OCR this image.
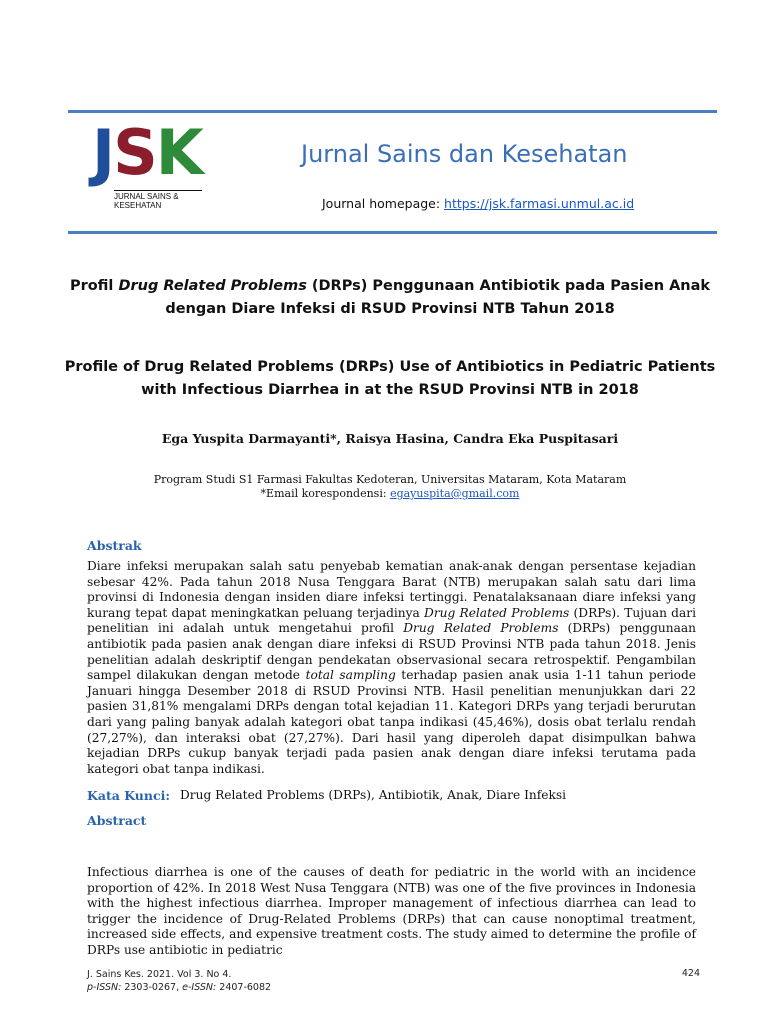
JSK
JURNAL SAINS &
KESEHATAN
Jurnal Sains dan Kesehatan
Journal homepage: https://jsk.farmasi.unmul.ac.id
Profil Drug Related Problems (DRPs) Penggunaan Antibiotik pada Pasien Anak dengan Diare Infeksi di RSUD Provinsi NTB Tahun 2018
Profile of Drug Related Problems (DRPs) Use of Antibiotics in Pediatric Patients with Infectious Diarrhea in at the RSUD Provinsi NTB in 2018
Ega Yuspita Darmayanti*, Raisya Hasina, Candra Eka Puspitasari
Program Studi S1 Farmasi Fakultas Kedoteran, Universitas Mataram, Kota Mataram
*Email korespondensi: egayuspita@gmail.com
Abstrak
Diare infeksi merupakan salah satu penyebab kematian anak-anak dengan persentase kejadian sebesar 42%. Pada tahun 2018 Nusa Tenggara Barat (NTB) merupakan salah satu dari lima provinsi di Indonesia dengan insiden diare infeksi tertinggi. Penatalaksanaan diare infeksi yang kurang tepat dapat meningkatkan peluang terjadinya Drug Related Problems (DRPs). Tujuan dari penelitian ini adalah untuk mengetahui profil Drug Related Problems (DRPs) penggunaan antibiotik pada pasien anak dengan diare infeksi di RSUD Provinsi NTB pada tahun 2018. Jenis penelitian adalah deskriptif dengan pendekatan observasional secara retrospektif. Pengambilan sampel dilakukan dengan metode total sampling terhadap pasien anak usia 1-11 tahun periode Januari hingga Desember 2018 di RSUD Provinsi NTB. Hasil penelitian menunjukkan dari 22 pasien 31,81% mengalami DRPs dengan total kejadian 11. Kategori DRPs yang terjadi berurutan dari yang paling banyak adalah kategori obat tanpa indikasi (45,46%), dosis obat terlalu rendah (27,27%), dan interaksi obat (27,27%). Dari hasil yang diperoleh dapat disimpulkan bahwa kejadian DRPs cukup banyak terjadi pada pasien anak dengan diare infeksi terutama pada kategori obat tanpa indikasi.
Kata Kunci: Drug Related Problems (DRPs), Antibiotik, Anak, Diare Infeksi
Abstract
Infectious diarrhea is one of the causes of death for pediatric in the world with an incidence proportion of 42%. In 2018 West Nusa Tenggara (NTB) was one of the five provinces in Indonesia with the highest infectious diarrhea. Improper management of infectious diarrhea can lead to trigger the incidence of Drug-Related Problems (DRPs) that can cause nonoptimal treatment, increased side effects, and expensive treatment costs. The study aimed to determine the profile of DRPs use antibiotic in pediatric
J. Sains Kes. 2021. Vol 3. No 4.
p-ISSN: 2303-0267, e-ISSN: 2407-6082
424
